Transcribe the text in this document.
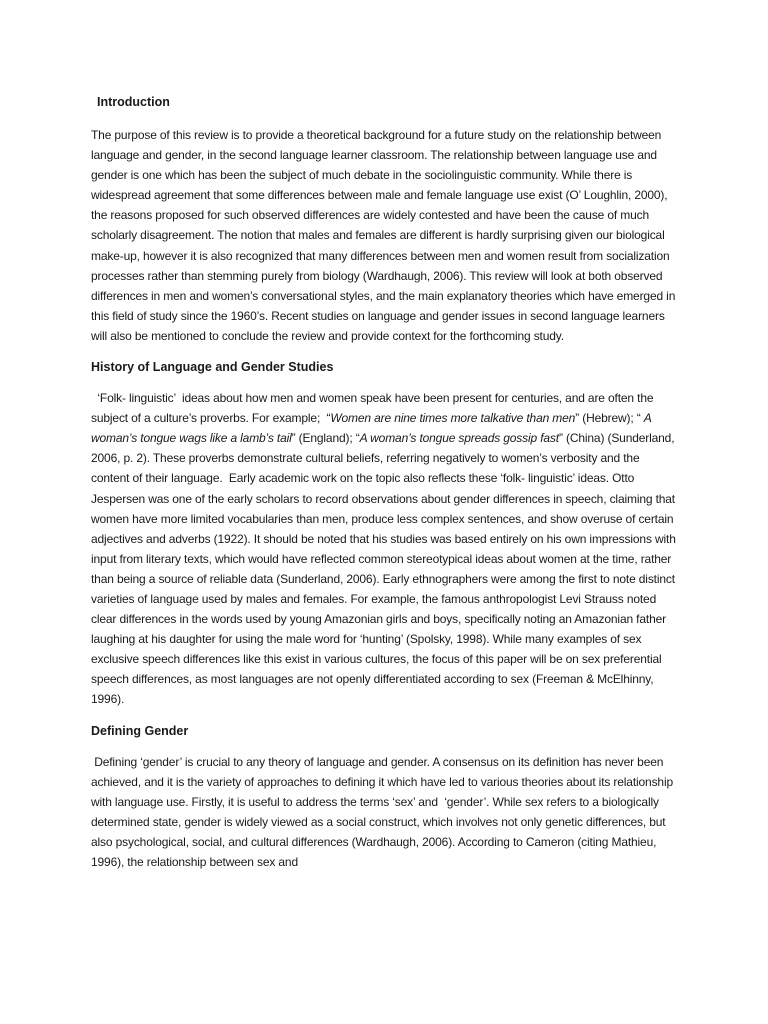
Introduction

The purpose of this review is to provide a theoretical background for a future study on the relationship between language and gender, in the second language learner classroom. The relationship between language use and gender is one which has been the subject of much debate in the sociolinguistic community. While there is widespread agreement that some differences between male and female language use exist (O’ Loughlin, 2000), the reasons proposed for such observed differences are widely contested and have been the cause of much scholarly disagreement. The notion that males and females are different is hardly surprising given our biological make-up, however it is also recognized that many differences between men and women result from socialization processes rather than stemming purely from biology (Wardhaugh, 2006). This review will look at both observed differences in men and women’s conversational styles, and the main explanatory theories which have emerged in this field of study since the 1960’s. Recent studies on language and gender issues in second language learners will also be mentioned to conclude the review and provide context for the forthcoming study.

History of Language and Gender Studies

‘Folk- linguistic’  ideas about how men and women speak have been present for centuries, and are often the subject of a culture’s proverbs. For example;  “Women are nine times more talkative than men” (Hebrew); “ A woman’s tongue wags like a lamb’s tail” (England); “A woman’s tongue spreads gossip fast” (China) (Sunderland, 2006, p. 2). These proverbs demonstrate cultural beliefs, referring negatively to women’s verbosity and the content of their language.  Early academic work on the topic also reflects these ‘folk- linguistic’ ideas. Otto Jespersen was one of the early scholars to record observations about gender differences in speech, claiming that women have more limited vocabularies than men, produce less complex sentences, and show overuse of certain adjectives and adverbs (1922). It should be noted that his studies was based entirely on his own impressions with input from literary texts, which would have reflected common stereotypical ideas about women at the time, rather than being a source of reliable data (Sunderland, 2006). Early ethnographers were among the first to note distinct varieties of language used by males and females. For example, the famous anthropologist Levi Strauss noted clear differences in the words used by young Amazonian girls and boys, specifically noting an Amazonian father laughing at his daughter for using the male word for ‘hunting’ (Spolsky, 1998). While many examples of sex exclusive speech differences like this exist in various cultures, the focus of this paper will be on sex preferential speech differences, as most languages are not openly differentiated according to sex (Freeman & McElhinny, 1996).

Defining Gender

Defining ‘gender’ is crucial to any theory of language and gender. A consensus on its definition has never been achieved, and it is the variety of approaches to defining it which have led to various theories about its relationship with language use. Firstly, it is useful to address the terms ‘sex’ and  ‘gender’. While sex refers to a biologically determined state, gender is widely viewed as a social construct, which involves not only genetic differences, but also psychological, social, and cultural differences (Wardhaugh, 2006). According to Cameron (citing Mathieu, 1996), the relationship between sex and
